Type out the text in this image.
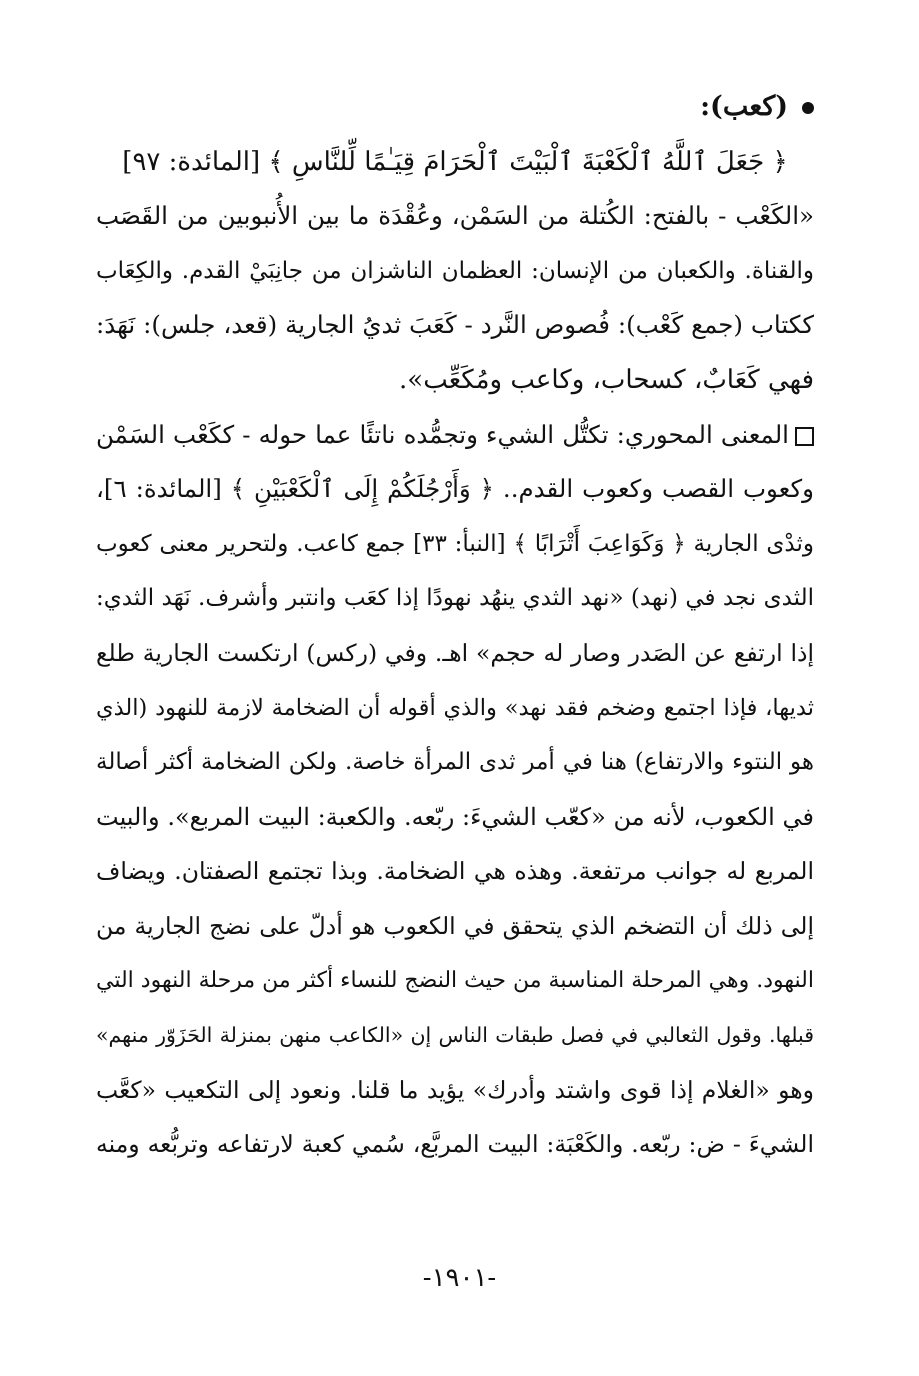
(كعب):
﴿ جَعَلَ ٱللَّهُ ٱلْكَعْبَةَ ٱلْبَيْتَ ٱلْحَرَامَ قِيَـٰمًا لِّلنَّاسِ ﴾ [المائدة: ٩٧]
«الكَعْب - بالفتح: الكُتلة من السَمْن، وعُقْدَة ما بين الأُنبوبين من القَصَب
والقناة. والكعبان من الإنسان: العظمان الناشزان من جانِبَيْ القدم. والكِعَاب
ككتاب (جمع كَعْب): فُصوص النَّرد - كَعَبَ ثديُ الجارية (قعد، جلس): نَهَدَ:
فهي كَعَابٌ، كسحاب، وكاعب ومُكَعِّب».
المعنى المحوري: تكتُّل الشيء وتجمُّده ناتئًا عما حوله - ككَعْب السَمْن
وكعوب القصب وكعوب القدم.. ﴿ وَأَرْجُلَكُمْ إِلَى ٱلْكَعْبَيْنِ ﴾ [المائدة: ٦]،
وثدْى الجارية ﴿ وَكَوَاعِبَ أَتْرَابًا ﴾ [النبأ: ٣٣] جمع كاعب. ولتحرير معنى كعوب
الثدى نجد في (نهد) «نهد الثدي ينهُد نهودًا إذا كعَب وانتبر وأشرف. نَهَد الثدي:
إذا ارتفع عن الصَدر وصار له حجم» اهـ. وفي (ركس) ارتكست الجارية طلع
ثديها، فإذا اجتمع وضخم فقد نهد» والذي أقوله أن الضخامة لازمة للنهود (الذي
هو النتوء والارتفاع) هنا في أمر ثدى المرأة خاصة. ولكن الضخامة أكثر أصالة
في الكعوب، لأنه من «كعّب الشيءَ: ربّعه. والكعبة: البيت المربع». والبيت
المربع له جوانب مرتفعة. وهذه هي الضخامة. وبذا تجتمع الصفتان. ويضاف
إلى ذلك أن التضخم الذي يتحقق في الكعوب هو أدلّ على نضج الجارية من
النهود. وهي المرحلة المناسبة من حيث النضج للنساء أكثر من مرحلة النهود التي
قبلها. وقول الثعالبي في فصل طبقات الناس إن «الكاعب منهن بمنزلة الحَزَوّر منهم»
وهو «الغلام إذا قوى واشتد وأدرك» يؤيد ما قلنا. ونعود إلى التكعيب «كعَّب
الشيءَ - ض: ربّعه. والكَعْبَة: البيت المربَّع، سُمي كعبة لارتفاعه وتربُّعه ومنه
-١٩٠١-
